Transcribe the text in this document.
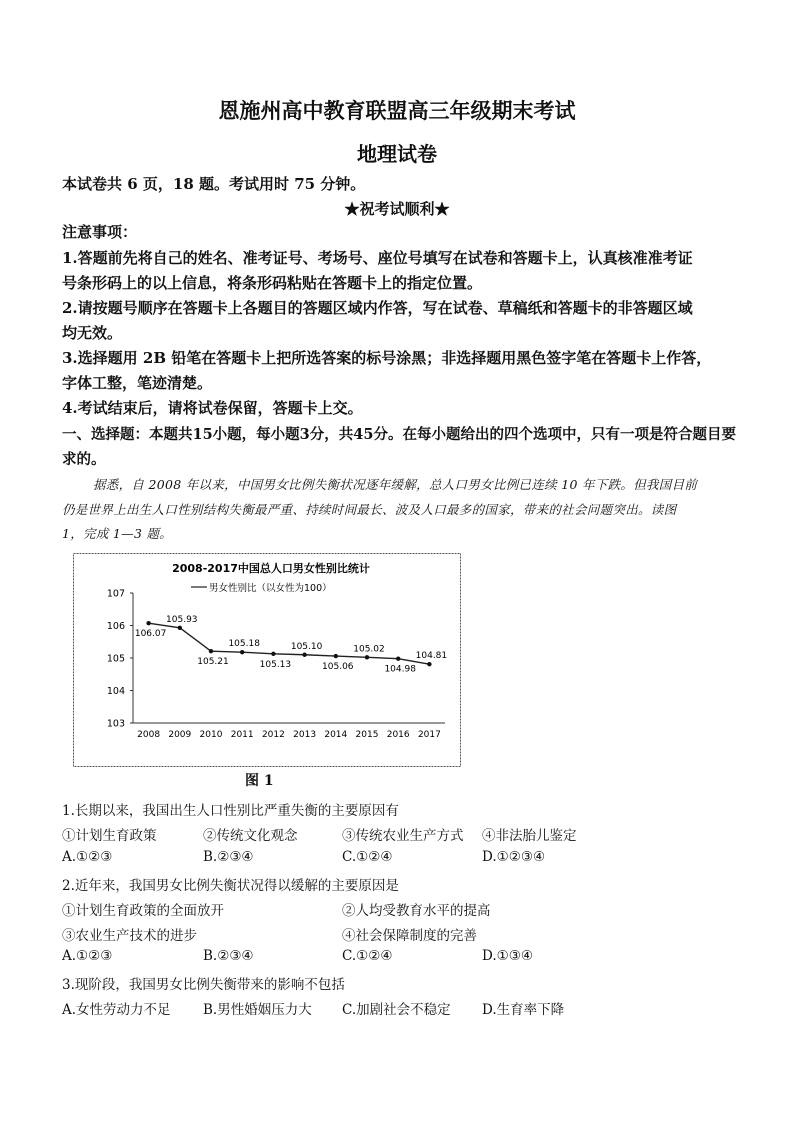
恩施州高中教育联盟高三年级期末考试
地理试卷
本试卷共 6 页，18 题。考试用时 75 分钟。
★祝考试顺利★
注意事项：
1.答题前先将自己的姓名、准考证号、考场号、座位号填写在试卷和答题卡上，认真核准准考证
号条形码上的以上信息，将条形码粘贴在答题卡上的指定位置。
2.请按题号顺序在答题卡上各题目的答题区域内作答，写在试卷、草稿纸和答题卡的非答题区域
均无效。
3.选择题用 2B 铅笔在答题卡上把所选答案的标号涂黑；非选择题用黑色签字笔在答题卡上作答，
字体工整，笔迹清楚。
4.考试结束后，请将试卷保留，答题卡上交。
一、选择题：本题共15小题，每小题3分，共45分。在每小题给出的四个选项中，只有一项是符合题目要
求的。
据悉，自 2008 年以来，中国男女比例失衡状况逐年缓解，总人口男女比例已连续 10 年下跌。但我国目前
仍是世界上出生人口性别结构失衡最严重、持续时间最长、波及人口最多的国家，带来的社会问题突出。读图
1，完成 1—3 题。
2008-2017中国总人口男女性别比统计
男女性别比（以女性为100）
107
106
105
104
103
2008 2009 2010 2011 2012 2013 2014 2015 2016 2017
106.07
105.93
105.21
105.18
105.13
105.10
105.06
105.02
104.98
104.81
图 1
1.长期以来，我国出生人口性别比严重失衡的主要原因有
①计划生育政策	②传统文化观念	③传统农业生产方式 ④非法胎儿鉴定
A.①②③	B.②③④	C.①②④	D.①②③④
2.近年来，我国男女比例失衡状况得以缓解的主要原因是
①计划生育政策的全面放开	②人均受教育水平的提高
③农业生产技术的进步	④社会保障制度的完善
A.①②③	B.②③④	C.①②④	D.①③④
3.现阶段，我国男女比例失衡带来的影响不包括
A.女性劳动力不足 B.男性婚姻压力大 C.加剧社会不稳定 D.生育率下降
